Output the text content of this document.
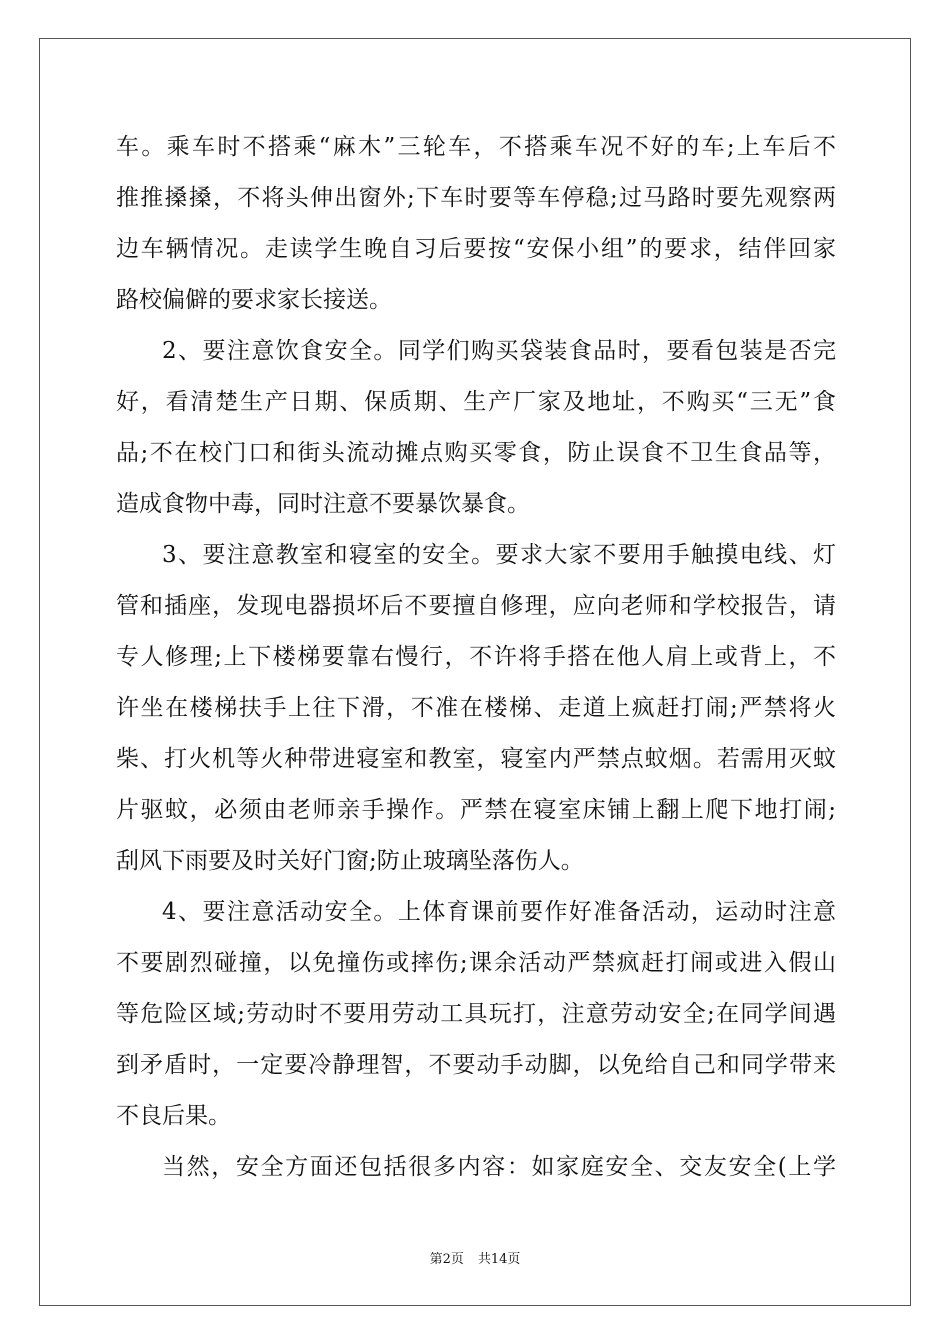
车。乘车时不搭乘“麻木”三轮车，不搭乘车况不好的车;上车后不
推推搡搡，不将头伸出窗外;下车时要等车停稳;过马路时要先观察两
边车辆情况。走读学生晚自习后要按“安保小组”的要求，结伴回家
路校偏僻的要求家长接送。
2、要注意饮食安全。同学们购买袋装食品时，要看包装是否完
好，看清楚生产日期、保质期、生产厂家及地址，不购买“三无”食
品;不在校门口和街头流动摊点购买零食，防止误食不卫生食品等，
造成食物中毒，同时注意不要暴饮暴食。
3、要注意教室和寝室的安全。要求大家不要用手触摸电线、灯
管和插座，发现电器损坏后不要擅自修理，应向老师和学校报告，请
专人修理;上下楼梯要靠右慢行，不许将手搭在他人肩上或背上，不
许坐在楼梯扶手上往下滑，不准在楼梯、走道上疯赶打闹;严禁将火
柴、打火机等火种带进寝室和教室，寝室内严禁点蚊烟。若需用灭蚊
片驱蚊，必须由老师亲手操作。严禁在寝室床铺上翻上爬下地打闹;
刮风下雨要及时关好门窗;防止玻璃坠落伤人。
4、要注意活动安全。上体育课前要作好准备活动，运动时注意
不要剧烈碰撞，以免撞伤或摔伤;课余活动严禁疯赶打闹或进入假山
等危险区域;劳动时不要用劳动工具玩打，注意劳动安全;在同学间遇
到矛盾时，一定要冷静理智，不要动手动脚，以免给自己和同学带来
不良后果。
当然，安全方面还包括很多内容：如家庭安全、交友安全(上学
第2页 共14页
